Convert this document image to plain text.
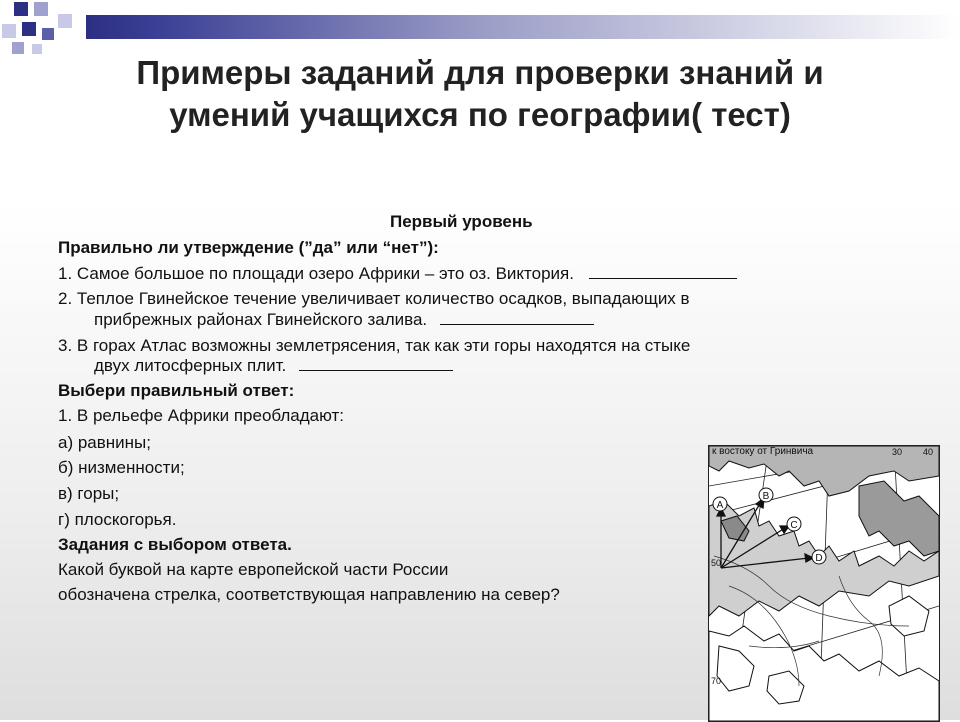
Примеры заданий для проверки знаний и
умений учащихся по географии( тест)
Первый уровень
Правильно ли утверждение (”да” или “нет”):
1. Самое большое по площади озеро Африки – это оз. Виктория.
2. Теплое Гвинейское течение увеличивает количество осадков, выпадающих в
прибрежных районах Гвинейского залива.
3. В горах Атлас возможны землетрясения, так как эти горы находятся на стыке
двух литосферных плит.
Выбери правильный ответ:
1. В рельефе Африки преобладают:
а) равнины;
б) низменности;
в) горы;
г) плоскогорья.
Задания с выбором ответа.
Какой буквой на карте европейской части России
обозначена стрелка, соответствующая направлению на север?
A
B
C
D
к востоку от Гринвича	30 40
50
70
